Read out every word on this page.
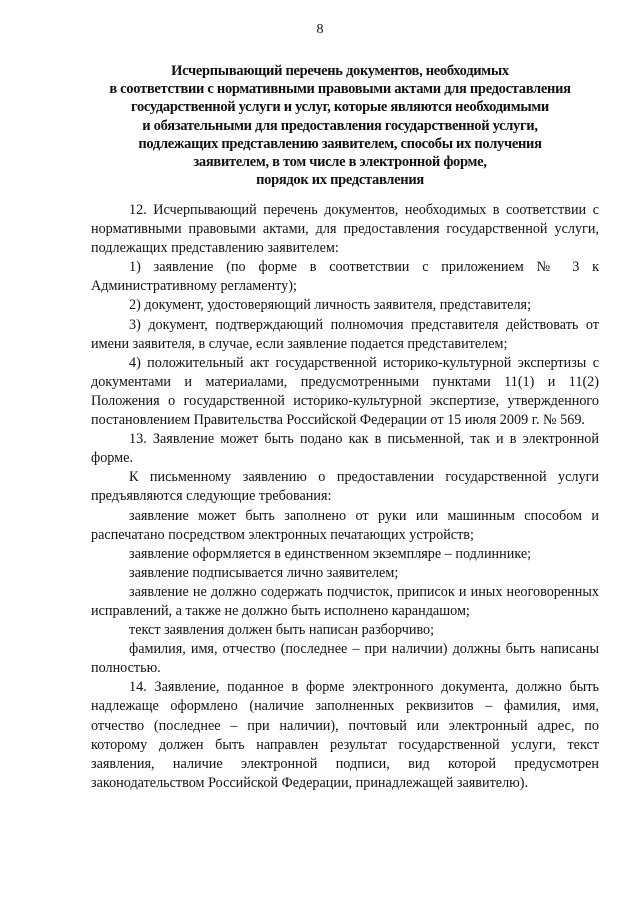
8
Исчерпывающий перечень документов, необходимых
в соответствии с нормативными правовыми актами для предоставления
государственной услуги и услуг, которые являются необходимыми
и обязательными для предоставления государственной услуги,
подлежащих представлению заявителем, способы их получения
заявителем, в том числе в электронной форме,
порядок их представления

12. Исчерпывающий перечень документов, необходимых в соответствии с нормативными правовыми актами, для предоставления государственной услуги, подлежащих представлению заявителем:

1) заявление (по форме в соответствии с приложением № 3 к Административному регламенту);

2) документ, удостоверяющий личность заявителя, представителя;

3) документ, подтверждающий полномочия представителя действовать от имени заявителя, в случае, если заявление подается представителем;

4) положительный акт государственной историко-культурной экспертизы с документами и материалами, предусмотренными пунктами 11(1) и 11(2) Положения о государственной историко-культурной экспертизе, утвержденного постановлением Правительства Российской Федерации от 15 июля 2009 г. № 569.

13. Заявление может быть подано как в письменной, так и в электронной форме.

К письменному заявлению о предоставлении государственной услуги предъявляются следующие требования:

заявление может быть заполнено от руки или машинным способом и распечатано посредством электронных печатающих устройств;

заявление оформляется в единственном экземпляре – подлиннике;

заявление подписывается лично заявителем;

заявление не должно содержать подчисток, приписок и иных неоговоренных исправлений, а также не должно быть исполнено карандашом;

текст заявления должен быть написан разборчиво;

фамилия, имя, отчество (последнее – при наличии) должны быть написаны полностью.

14. Заявление, поданное в форме электронного документа, должно быть надлежаще оформлено (наличие заполненных реквизитов – фамилия, имя, отчество (последнее – при наличии), почтовый или электронный адрес, по которому должен быть направлен результат государственной услуги, текст заявления, наличие электронной подписи, вид которой предусмотрен законодательством Российской Федерации, принадлежащей заявителю).
